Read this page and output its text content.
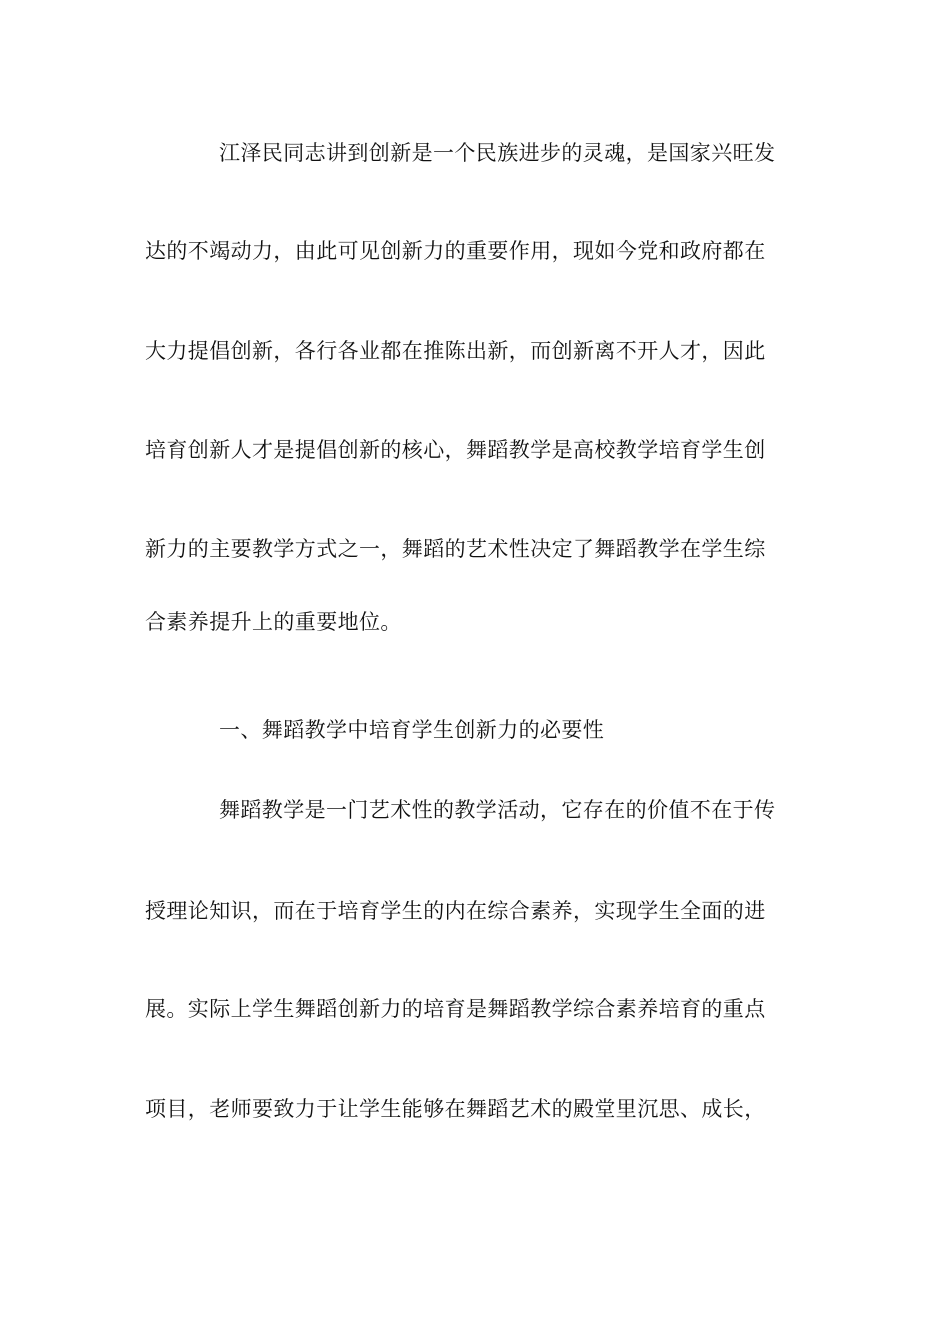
江泽民同志讲到创新是一个民族进步的灵魂，是国家兴旺发
达的不竭动力，由此可见创新力的重要作用，现如今党和政府都在
大力提倡创新，各行各业都在推陈出新，而创新离不开人才，因此
培育创新人才是提倡创新的核心，舞蹈教学是高校教学培育学生创
新力的主要教学方式之一，舞蹈的艺术性决定了舞蹈教学在学生综
合素养提升上的重要地位。
一、舞蹈教学中培育学生创新力的必要性
舞蹈教学是一门艺术性的教学活动，它存在的价值不在于传
授理论知识，而在于培育学生的内在综合素养，实现学生全面的进
展。实际上学生舞蹈创新力的培育是舞蹈教学综合素养培育的重点
项目，老师要致力于让学生能够在舞蹈艺术的殿堂里沉思、成长，
